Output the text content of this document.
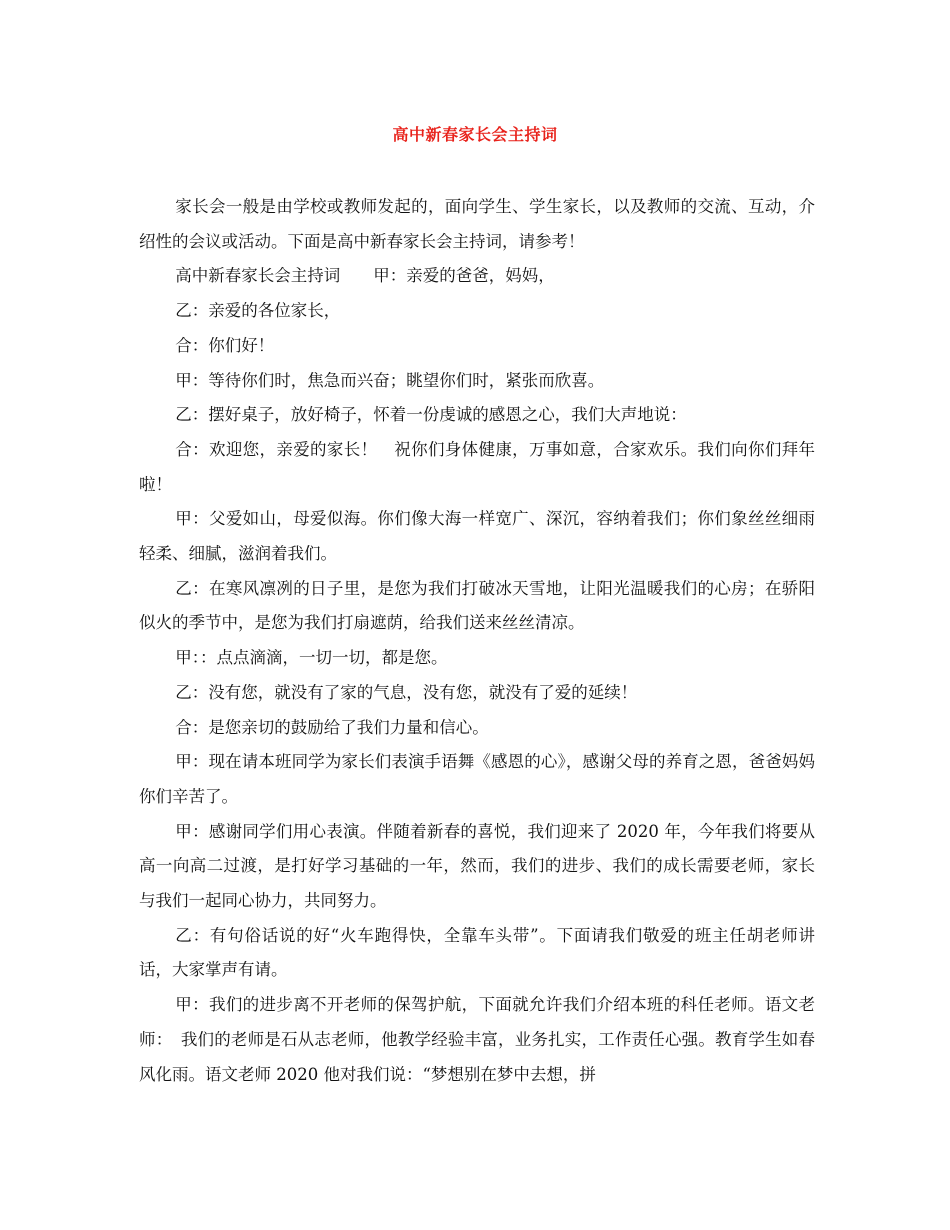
高中新春家长会主持词

家长会一般是由学校或教师发起的，面向学生、学生家长，以及教师的交流、互动，介绍性的会议或活动。下面是高中新春家长会主持词，请参考！

高中新春家长会主持词　　甲：亲爱的爸爸，妈妈，

乙：亲爱的各位家长，

合：你们好！

甲：等待你们时，焦急而兴奋；眺望你们时，紧张而欣喜。

乙：摆好桌子，放好椅子，怀着一份虔诚的感恩之心，我们大声地说：

合：欢迎您，亲爱的家长！　祝你们身体健康，万事如意，合家欢乐。我们向你们拜年啦！

甲：父爱如山，母爱似海。你们像大海一样宽广、深沉，容纳着我们；你们象丝丝细雨轻柔、细腻，滋润着我们。

乙：在寒风凛冽的日子里，是您为我们打破冰天雪地，让阳光温暖我们的心房；在骄阳似火的季节中，是您为我们打扇遮荫，给我们送来丝丝清凉。

甲：：点点滴滴，一切一切，都是您。

乙：没有您，就没有了家的气息，没有您，就没有了爱的延续！

合：是您亲切的鼓励给了我们力量和信心。

甲：现在请本班同学为家长们表演手语舞《感恩的心》，感谢父母的养育之恩，爸爸妈妈你们辛苦了。

甲：感谢同学们用心表演。伴随着新春的喜悦，我们迎来了 2020 年，今年我们将要从高一向高二过渡，是打好学习基础的一年，然而，我们的进步、我们的成长需要老师，家长与我们一起同心协力，共同努力。

乙：有句俗话说的好“火车跑得快，全靠车头带”。下面请我们敬爱的班主任胡老师讲话，大家掌声有请。

甲：我们的进步离不开老师的保驾护航，下面就允许我们介绍本班的科任老师。语文老师：　我们的老师是石从志老师，他教学经验丰富，业务扎实，工作责任心强。教育学生如春风化雨。语文老师 2020 他对我们说：“梦想别在梦中去想，拼
